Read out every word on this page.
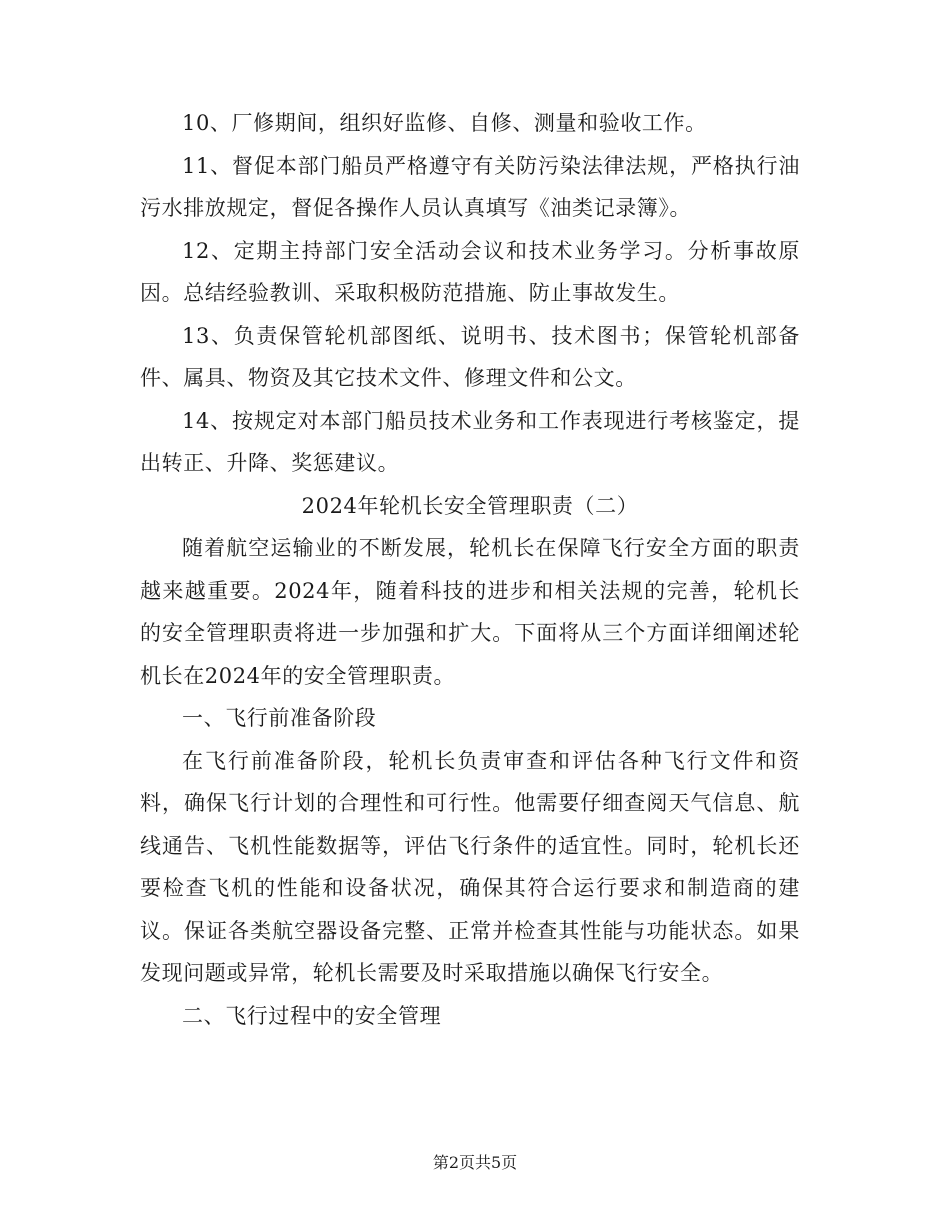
10、厂修期间，组织好监修、自修、测量和验收工作。

11、督促本部门船员严格遵守有关防污染法律法规，严格执行油污水排放规定，督促各操作人员认真填写《油类记录簿》。

12、定期主持部门安全活动会议和技术业务学习。分析事故原因。总结经验教训、采取积极防范措施、防止事故发生。

13、负责保管轮机部图纸、说明书、技术图书；保管轮机部备件、属具、物资及其它技术文件、修理文件和公文。

14、按规定对本部门船员技术业务和工作表现进行考核鉴定，提出转正、升降、奖惩建议。

2024年轮机长安全管理职责（二）

随着航空运输业的不断发展，轮机长在保障飞行安全方面的职责越来越重要。2024年，随着科技的进步和相关法规的完善，轮机长的安全管理职责将进一步加强和扩大。下面将从三个方面详细阐述轮机长在2024年的安全管理职责。

一、飞行前准备阶段

在飞行前准备阶段，轮机长负责审查和评估各种飞行文件和资料，确保飞行计划的合理性和可行性。他需要仔细查阅天气信息、航线通告、飞机性能数据等，评估飞行条件的适宜性。同时，轮机长还要检查飞机的性能和设备状况，确保其符合运行要求和制造商的建议。保证各类航空器设备完整、正常并检查其性能与功能状态。如果发现问题或异常，轮机长需要及时采取措施以确保飞行安全。

二、飞行过程中的安全管理

第2页共5页
